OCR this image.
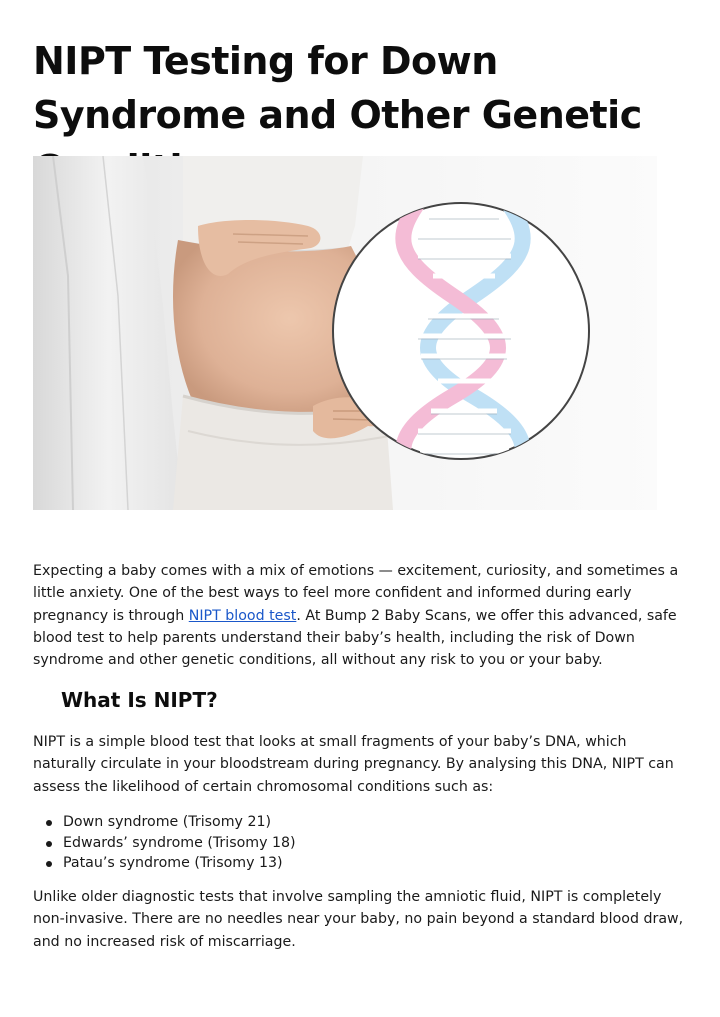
NIPT Testing for Down Syndrome and Other Genetic

Expecting a baby comes with a mix of emotions — excitement, curiosity, and sometimes a little anxiety. One of the best ways to feel more confident and informed during early pregnancy is through NIPT blood test. At Bump 2 Baby Scans, we offer this advanced, safe blood test to help parents understand their baby’s health, including the risk of Down syndrome and other genetic conditions, all without any risk to you or your baby.

What Is NIPT?

NIPT is a simple blood test that looks at small fragments of your baby’s DNA, which naturally circulate in your bloodstream during pregnancy. By analysing this DNA, NIPT can assess the likelihood of certain chromosomal conditions such as:

Down syndrome (Trisomy 21)
Edwards’ syndrome (Trisomy 18)
Patau’s syndrome (Trisomy 13)

Unlike older diagnostic tests that involve sampling the amniotic fluid, NIPT is completely non-invasive. There are no needles near your baby, no pain beyond a standard blood draw, and no increased risk of miscarriage.
